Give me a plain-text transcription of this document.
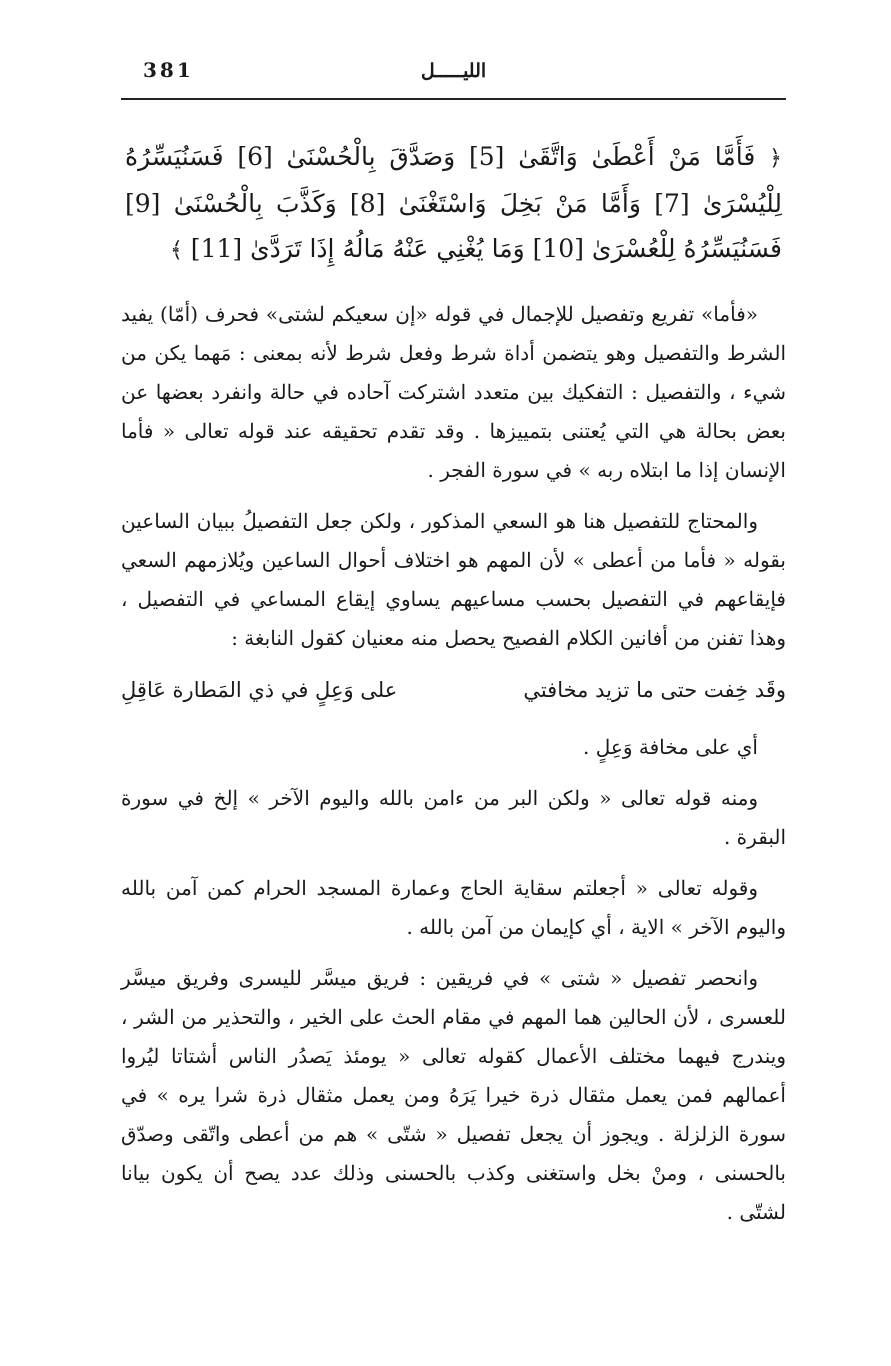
381	الليـــــل
﴿ فَأَمَّا مَنْ أَعْطَىٰ وَاتَّقَىٰ [5] وَصَدَّقَ بِالْحُسْنَىٰ [6] فَسَنُيَسِّرُهُ لِلْيُسْرَىٰ [7] وَأَمَّا مَنْ بَخِلَ وَاسْتَغْنَىٰ [8] وَكَذَّبَ بِالْحُسْنَىٰ [9] فَسَنُيَسِّرُهُ لِلْعُسْرَىٰ [10] وَمَا يُغْنِي عَنْهُ مَالُهُ إِذَا تَرَدَّىٰ [11] ﴾

«فأما» تفريع وتفصيل للإجمال في قوله «إن سعيكم لشتى» فحرف (أمّا) يفيد الشرط والتفصيل وهو يتضمن أداة شرط وفعل شرط لأنه بمعنى : مَهما يكن من شيء ، والتفصيل : التفكيك بين متعدد اشتركت آحاده في حالة وانفرد بعضها عن بعض بحالة هي التي يُعتنى بتمييزها . وقد تقدم تحقيقه عند قوله تعالى « فأما الإنسان إذا ما ابتلاه ربه » في سورة الفجر .

والمحتاج للتفصيل هنا هو السعي المذكور ، ولكن جعل التفصيلُ ببيان الساعين بقوله « فأما من أعطى » لأن المهم هو اختلاف أحوال الساعين ويُلازمهم السعي فإيقاعهم في التفصيل بحسب مساعيهم يساوي إيقاع المساعي في التفصيل ، وهذا تفنن من أفانين الكلام الفصيح يحصل منه معنيان كقول النابغة :

وقَد خِفت حتى ما تزيد مخافتي
على وَعِلٍ في ذي المَطارة عَاقِلِ
أي على مخافة وَعِلٍ .

ومنه قوله تعالى « ولكن البر من ءامن بالله واليوم الآخر » إلخ في سورة البقرة .

وقوله تعالى « أجعلتم سقاية الحاج وعمارة المسجد الحرام كمن آمن بالله واليوم الآخر » الاية ، أي كإيمان من آمن بالله .

وانحصر تفصيل « شتى » في فريقين : فريق ميسَّر لليسرى وفريق ميسَّر للعسرى ، لأن الحالين هما المهم في مقام الحث على الخير ، والتحذير من الشر ، ويندرج فيهما مختلف الأعمال كقوله تعالى « يومئذ يَصدُر الناس أشتاتا ليُروا أعمالهم فمن يعمل مثقال ذرة خيرا يَرَهُ ومن يعمل مثقال ذرة شرا يره » في سورة الزلزلة . ويجوز أن يجعل تفصيل « شتّى » هم من أعطى واتّقى وصدّق بالحسنى ، ومنْ بخل واستغنى وكذب بالحسنى وذلك عدد يصح أن يكون بيانا لشتّى .
